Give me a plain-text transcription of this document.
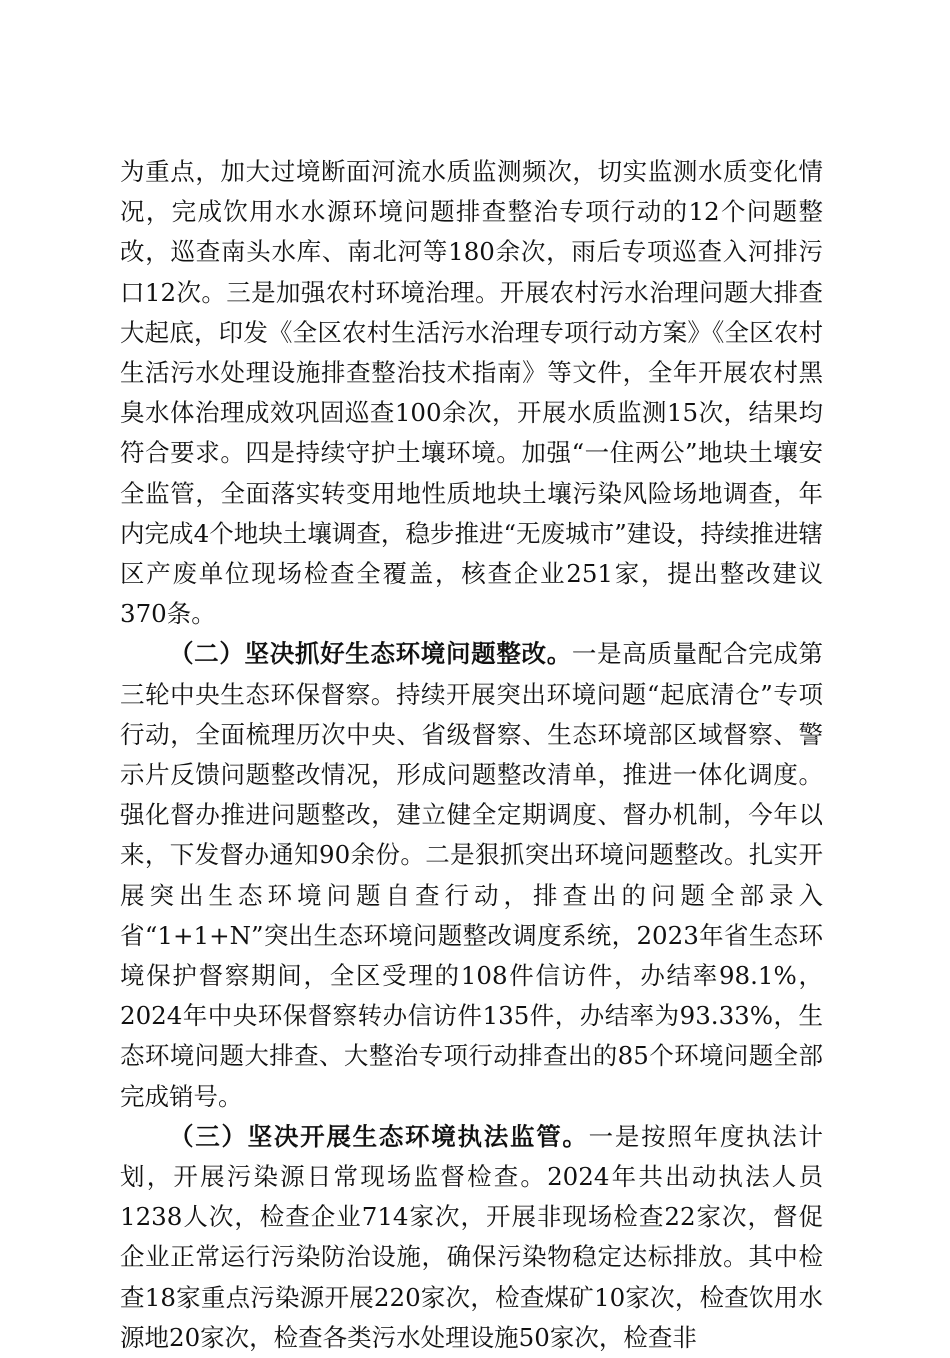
为重点，加大过境断面河流水质监测频次，切实监测水质变化情况，完成饮用水水源环境问题排查整治专项行动的12个问题整改，巡查南头水库、南北河等180余次，雨后专项巡查入河排污口12次。三是加强农村环境治理。开展农村污水治理问题大排查大起底，印发《全区农村生活污水治理专项行动方案》《全区农村生活污水处理设施排查整治技术指南》等文件，全年开展农村黑臭水体治理成效巩固巡查100余次，开展水质监测15次，结果均符合要求。四是持续守护土壤环境。加强“一住两公”地块土壤安全监管，全面落实转变用地性质地块土壤污染风险场地调查，年内完成4个地块土壤调查，稳步推进“无废城市”建设，持续推进辖区产废单位现场检查全覆盖，核查企业251家，提出整改建议370条。

（二）坚决抓好生态环境问题整改。一是高质量配合完成第三轮中央生态环保督察。持续开展突出环境问题“起底清仓”专项行动，全面梳理历次中央、省级督察、生态环境部区域督察、警示片反馈问题整改情况，形成问题整改清单，推进一体化调度。强化督办推进问题整改，建立健全定期调度、督办机制，今年以来，下发督办通知90余份。二是狠抓突出环境问题整改。扎实开展突出生态环境问题自查行动，排查出的问题全部录入省“1+1+N”突出生态环境问题整改调度系统，2023年省生态环境保护督察期间，全区受理的108件信访件，办结率98.1%，2024年中央环保督察转办信访件135件，办结率为93.33%，生态环境问题大排查、大整治专项行动排查出的85个环境问题全部完成销号。

（三）坚决开展生态环境执法监管。一是按照年度执法计划，开展污染源日常现场监督检查。2024年共出动执法人员1238人次，检查企业714家次，开展非现场检查22家次，督促企业正常运行污染防治设施，确保污染物稳定达标排放。其中检查18家重点污染源开展220家次，检查煤矿10家次，检查饮用水源地20家次，检查各类污水处理设施50家次，检查非
